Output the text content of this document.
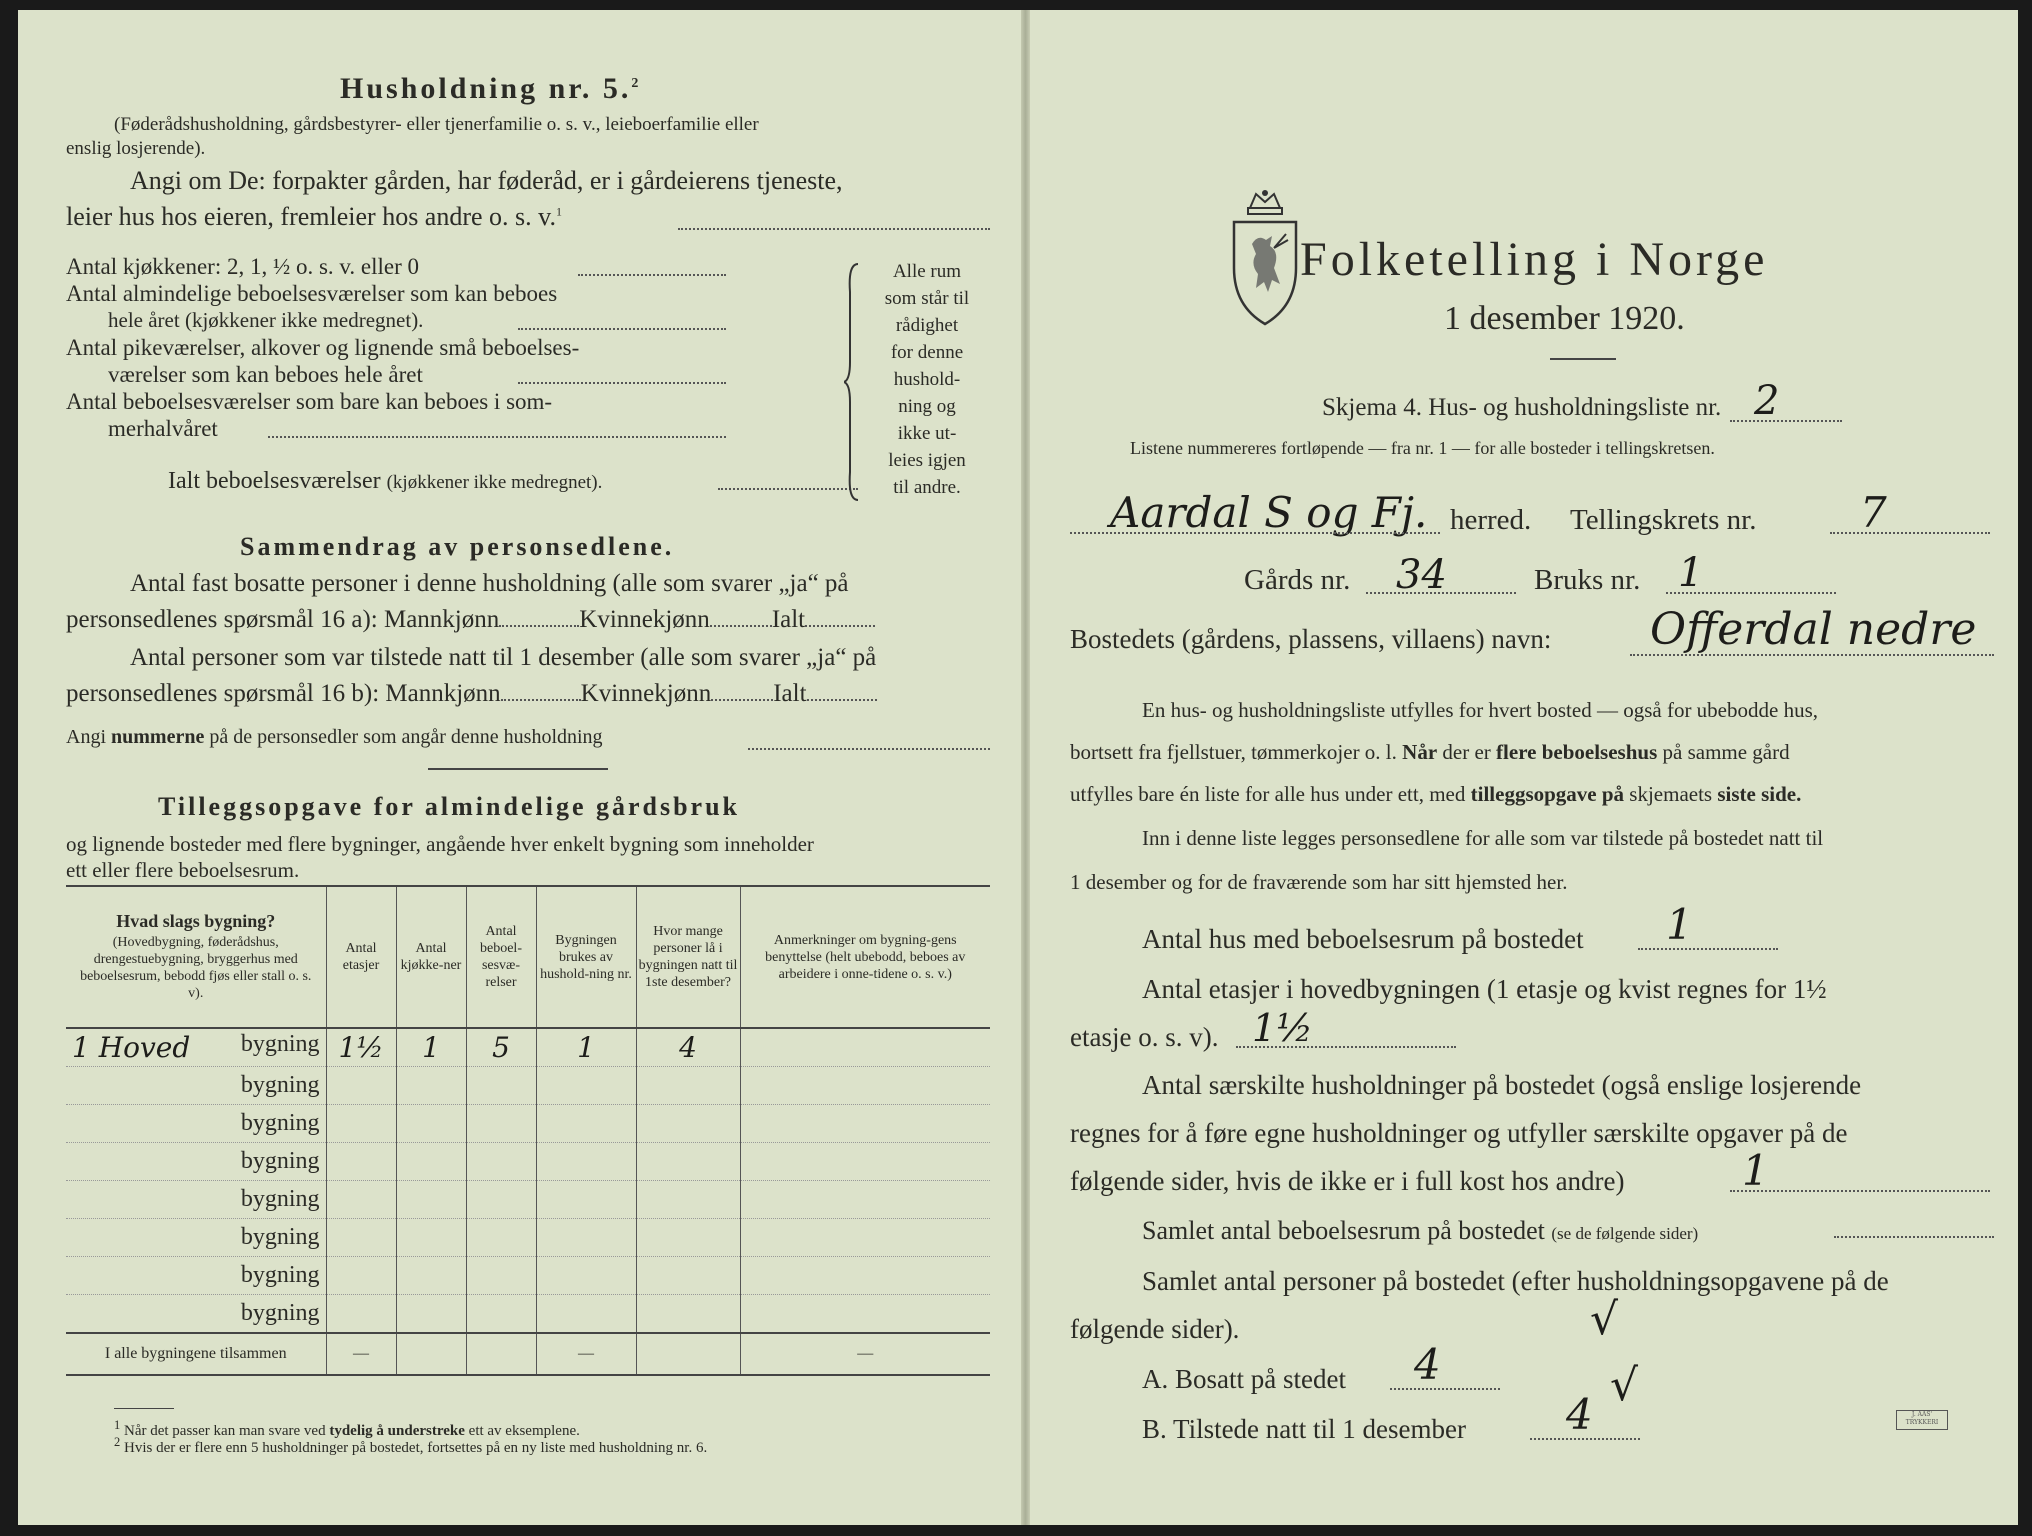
Husholdning nr. 5.$^2$
(Føderådshusholdning, gårdsbestyrer- eller tjenerfamilie o. s. v., leieboerfamilie eller
enslig losjerende).
Angi om De: forpakter gården, har føderåd, er i gårdeierens tjeneste,
leier hus hos eieren, fremleier hos andre o. s. v.$^1$
Antal kjøkkener: 2, 1, ½ o. s. v. eller 0
Antal almindelige beboelsesværelser som kan beboes
hele året (kjøkkener ikke medregnet).
Antal pikeværelser, alkover og lignende små beboelses-
værelser som kan beboes hele året
Antal beboelsesværelser som bare kan beboes i som-
merhalvåret
Ialt beboelsesværelser (kjøkkener ikke medregnet).
Alle rum
som står til
rådighet
for denne
hushold-
ning og
ikke ut-
leies igjen
til andre.
Sammendrag av personsedlene.
Antal fast bosatte personer i denne husholdning (alle som svarer „ja“ på
personsedlenes spørsmål 16 a): Mannkjønn	Kvinnekjønn Ialt
Antal personer som var tilstede natt til 1 desember (alle som svarer „ja“ på
personsedlenes spørsmål 16 b): Mannkjønn	Kvinnekjønn Ialt
Angi nummerne på de personsedler som angår denne husholdning
Tilleggsopgave for almindelige gårdsbruk
og lignende bosteder med flere bygninger, angående hver enkelt bygning som inneholder
ett eller flere beboelsesrum.
Hvad slags bygning?
(Hovedbygning, føderådshus, drengestuebygning, bryggerhus med beboelsesrum, bebodd fjøs eller stall o. s. v).	Antal etasjer	Antal kjøkke-ner	Antal beboel-sesvæ-relser	Bygningen brukes av hushold-ning nr.	Hvor mange personer lå i bygningen natt til 1ste desember?	Anmerkninger om bygning-gens benyttelse (helt ubebodd, beboes av arbeidere i onne-tidene o. s. v.)

1 Hoved bygning	1½	1	5	1	4	

bygning						

bygning						

bygning						

bygning						

bygning						

bygning						

bygning						
I alle bygningene tilsammen	—			—		—
$^1$ Når det passer kan man svare ved tydelig å understreke ett av eksemplene.
$^2$ Hvis der er flere enn 5 husholdninger på bostedet, fortsettes på en ny liste med husholdning nr. 6.
Folketelling i Norge
1 desember 1920.
Skjema 4. Hus- og husholdningsliste nr. 2
Listene nummereres fortløpende — fra nr. 1 — for alle bosteder i tellingskretsen.
Aardal S og Fj. herred. Tellingskrets nr. 7
Gårds nr. 34	Bruks nr. 1
Bostedets (gårdens, plassens, villaens) navn: Offerdal nedre
En hus- og husholdningsliste utfylles for hvert bosted — også for ubebodde hus,
bortsett fra fjellstuer, tømmerkojer o. l. Når der er flere beboelseshus på samme gård
utfylles bare én liste for alle hus under ett, med tilleggsopgave på skjemaets siste side.
Inn i denne liste legges personsedlene for alle som var tilstede på bostedet natt til
1 desember og for de fraværende som har sitt hjemsted her.
Antal hus med beboelsesrum på bostedet 1
Antal etasjer i hovedbygningen (1 etasje og kvist regnes for 1½
etasje o. s. v). 1½
Antal særskilte husholdninger på bostedet (også enslige losjerende
regnes for å føre egne husholdninger og utfyller særskilte opgaver på de
følgende sider, hvis de ikke er i full kost hos andre)	1
Samlet antal beboelsesrum på bostedet (se de følgende sider)
Samlet antal personer på bostedet (efter husholdningsopgavene på de
følgende sider).	√
A. Bosatt på stedet 4
B. Tilstede natt til 1 desember 4
√
J. AAS' TRYKKERI
